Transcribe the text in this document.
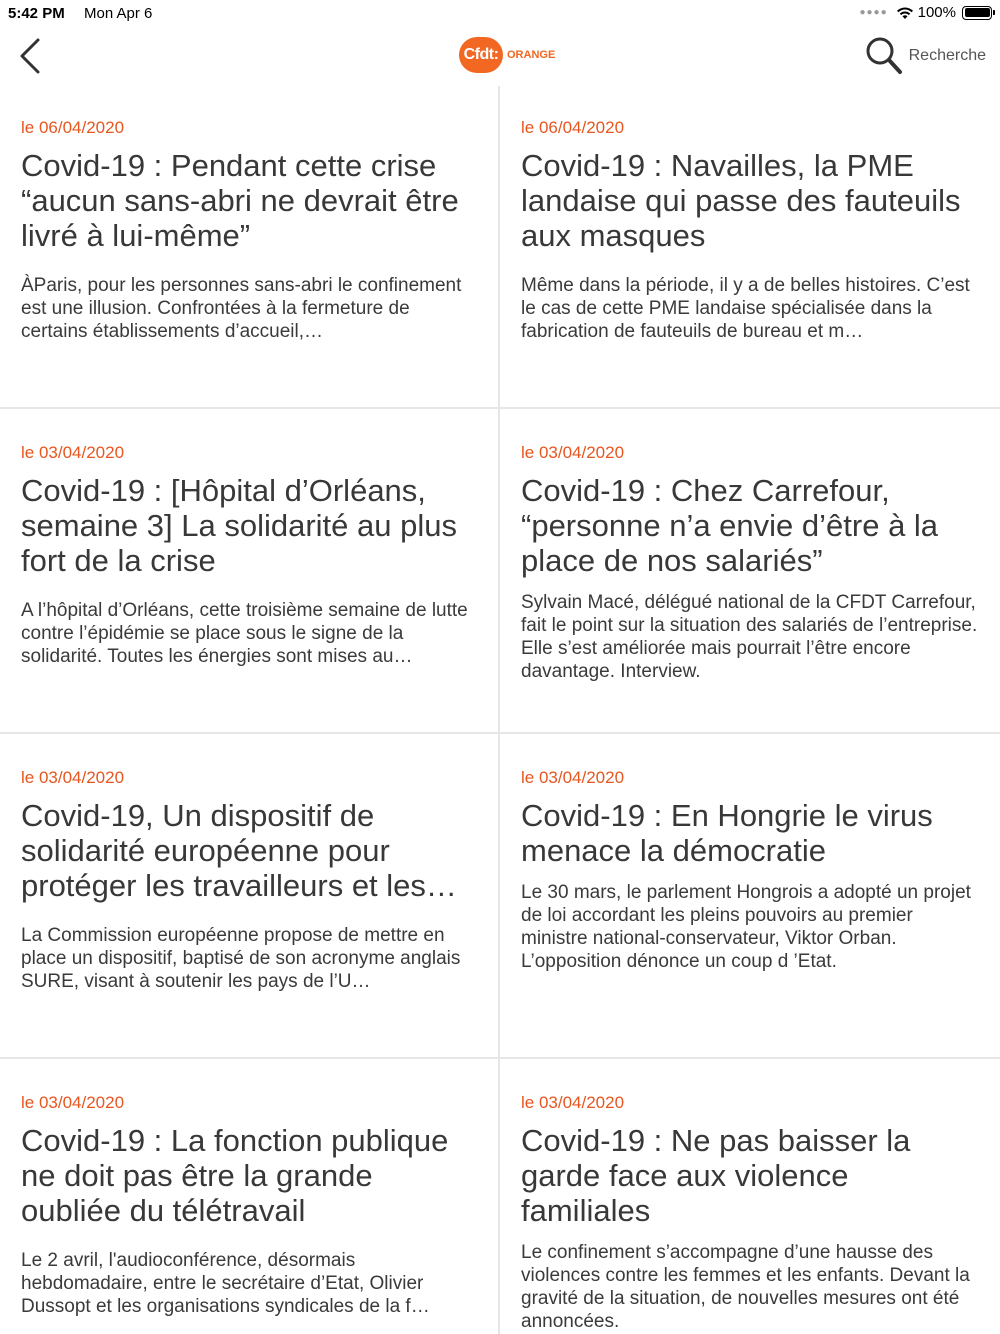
5:42 PM Mon Apr 6	●●●● 100%
Cfdt: ORANGE	Recherche
le 06/04/2020
Covid-19 : Pendant cette crise “aucun sans-abri ne devrait être livré à lui-même”
ÀParis, pour les personnes sans-abri le confinement est une illusion. Confrontées à la fermeture de certains établissements d’accueil,…
le 06/04/2020
Covid-19 : Navailles, la PME landaise qui passe des fauteuils aux masques
Même dans la période, il y a de belles histoires. C’est le cas de cette PME landaise spécialisée dans la fabrication de fauteuils de bureau et m…
le 03/04/2020
Covid-19 : [Hôpital d’Orléans, semaine 3] La solidarité au plus fort de la crise
A l’hôpital d’Orléans, cette troisième semaine de lutte contre l’épidémie se place sous le signe de la solidarité. Toutes les énergies sont mises au…
le 03/04/2020
Covid-19 : Chez Carrefour, “personne n’a envie d’être à la place de nos salariés”
Sylvain Macé, délégué national de la CFDT Carrefour, fait le point sur la situation des salariés de l’entreprise. Elle s’est améliorée mais pourrait l’être encore davantage. Interview.
le 03/04/2020
Covid-19, Un dispositif de solidarité européenne pour protéger les travailleurs et les…
La Commission européenne propose de mettre en place un dispositif, baptisé de son acronyme anglais SURE, visant à soutenir les pays de l’U…
le 03/04/2020
Covid-19 : En Hongrie le virus menace la démocratie
Le 30 mars, le parlement Hongrois a adopté un projet de loi accordant les pleins pouvoirs au premier ministre national-conservateur, Viktor Orban. L’opposition dénonce un coup d ’Etat.
le 03/04/2020
Covid-19 : La fonction publique ne doit pas être la grande oubliée du télétravail
Le 2 avril, l'audioconférence, désormais hebdomadaire, entre le secrétaire d’Etat, Olivier Dussopt et les organisations syndicales de la f…
le 03/04/2020
Covid-19 : Ne pas baisser la garde face aux violence familiales
Le confinement s’accompagne d’une hausse des violences contre les femmes et les enfants. Devant la gravité de la situation, de nouvelles mesures ont été annoncées.
